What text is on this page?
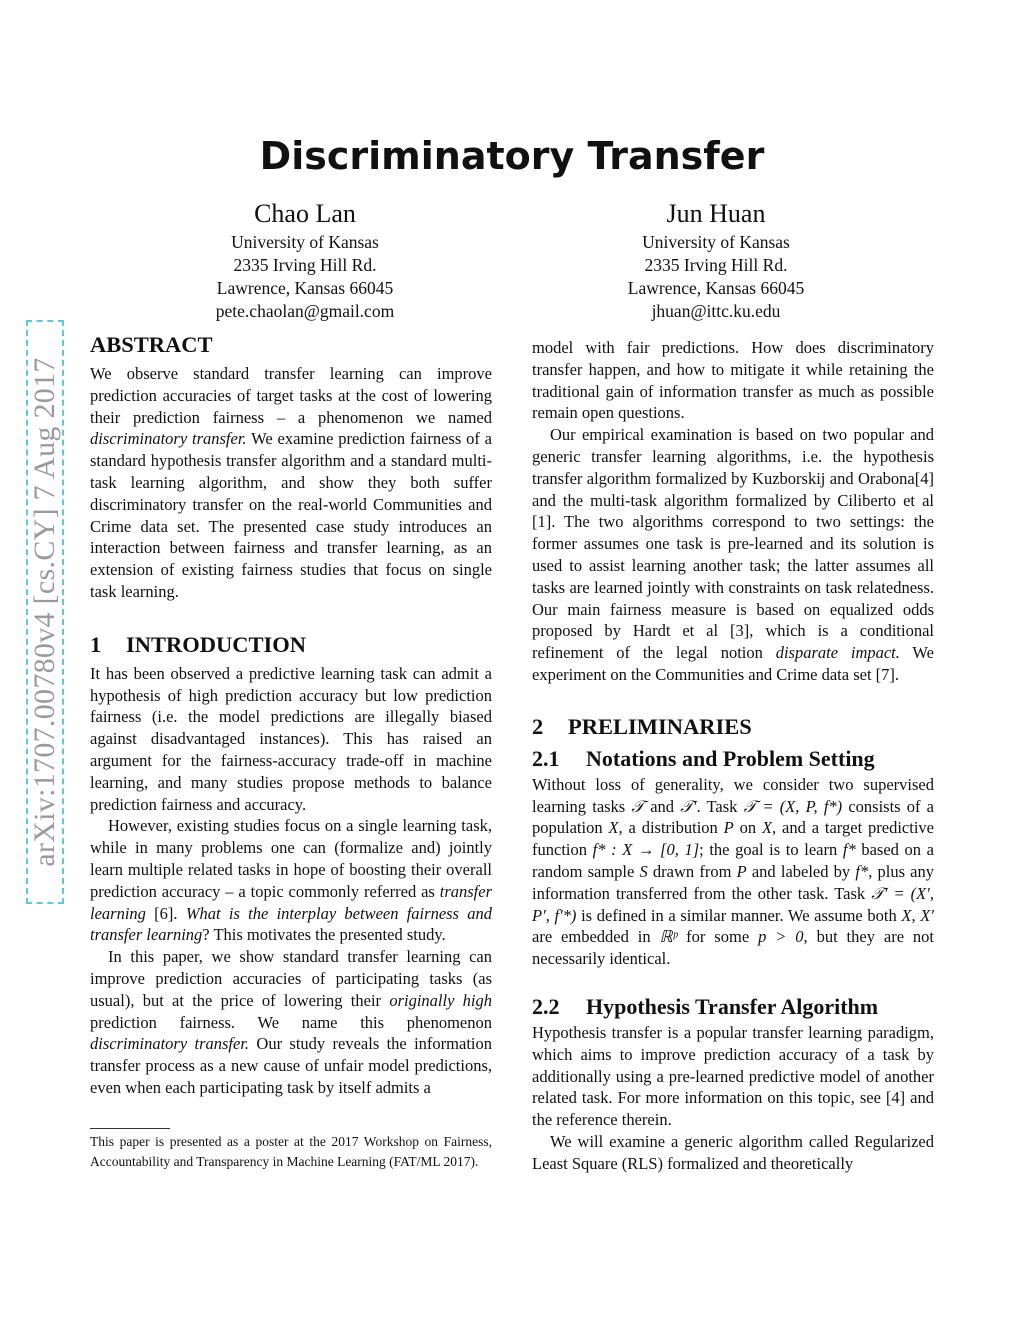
arXiv:1707.00780v4 [cs.CY] 7 Aug 2017
Discriminatory Transfer
Chao Lan
University of Kansas
2335 Irving Hill Rd.
Lawrence, Kansas 66045
pete.chaolan@gmail.com
Jun Huan
University of Kansas
2335 Irving Hill Rd.
Lawrence, Kansas 66045
jhuan@ittc.ku.edu
ABSTRACT

We observe standard transfer learning can improve prediction accuracies of target tasks at the cost of lowering their prediction fairness – a phenomenon we named discriminatory transfer. We examine prediction fairness of a standard hypothesis transfer algorithm and a standard multi-task learning algorithm, and show they both suffer discriminatory transfer on the real-world Communities and Crime data set. The presented case study introduces an interaction between fairness and transfer learning, as an extension of existing fairness studies that focus on single task learning.

1 INTRODUCTION

It has been observed a predictive learning task can admit a hypothesis of high prediction accuracy but low prediction fairness (i.e. the model predictions are illegally biased against disadvantaged instances). This has raised an argument for the fairness-accuracy trade-off in machine learning, and many studies propose methods to balance prediction fairness and accuracy.

However, existing studies focus on a single learning task, while in many problems one can (formalize and) jointly learn multiple related tasks in hope of boosting their overall prediction accuracy – a topic commonly referred as transfer learning [6]. What is the interplay between fairness and transfer learning? This motivates the presented study.

In this paper, we show standard transfer learning can improve prediction accuracies of participating tasks (as usual), but at the price of lowering their originally high prediction fairness. We name this phenomenon discriminatory transfer. Our study reveals the information transfer process as a new cause of unfair model predictions, even when each participating task by itself admits a

This paper is presented as a poster at the 2017 Workshop on Fairness, Accountability and Transparency in Machine Learning (FAT/ML 2017).

model with fair predictions. How does discriminatory transfer happen, and how to mitigate it while retaining the traditional gain of information transfer as much as possible remain open questions.

Our empirical examination is based on two popular and generic transfer learning algorithms, i.e. the hypothesis transfer algorithm formalized by Kuzborskij and Orabona[4] and the multi-task algorithm formalized by Ciliberto et al [1]. The two algorithms correspond to two settings: the former assumes one task is pre-learned and its solution is used to assist learning another task; the latter assumes all tasks are learned jointly with constraints on task relatedness. Our main fairness measure is based on equalized odds proposed by Hardt et al [3], which is a conditional refinement of the legal notion disparate impact. We experiment on the Communities and Crime data set [7].

2 PRELIMINARIES
2.1 Notations and Problem Setting

Without loss of generality, we consider two supervised learning tasks 𝒯 and 𝒯′. Task 𝒯 = (X, P, f*) consists of a population X, a distribution P on X, and a target predictive function f* : X → [0, 1]; the goal is to learn f* based on a random sample S drawn from P and labeled by f*, plus any information transferred from the other task. Task 𝒯′ = (X′, P′, f′*) is defined in a similar manner. We assume both X, X′ are embedded in ℝᵖ for some p > 0, but they are not necessarily identical.

2.2 Hypothesis Transfer Algorithm

Hypothesis transfer is a popular transfer learning paradigm, which aims to improve prediction accuracy of a task by additionally using a pre-learned predictive model of another related task. For more information on this topic, see [4] and the reference therein.

We will examine a generic algorithm called Regularized Least Square (RLS) formalized and theoretically
